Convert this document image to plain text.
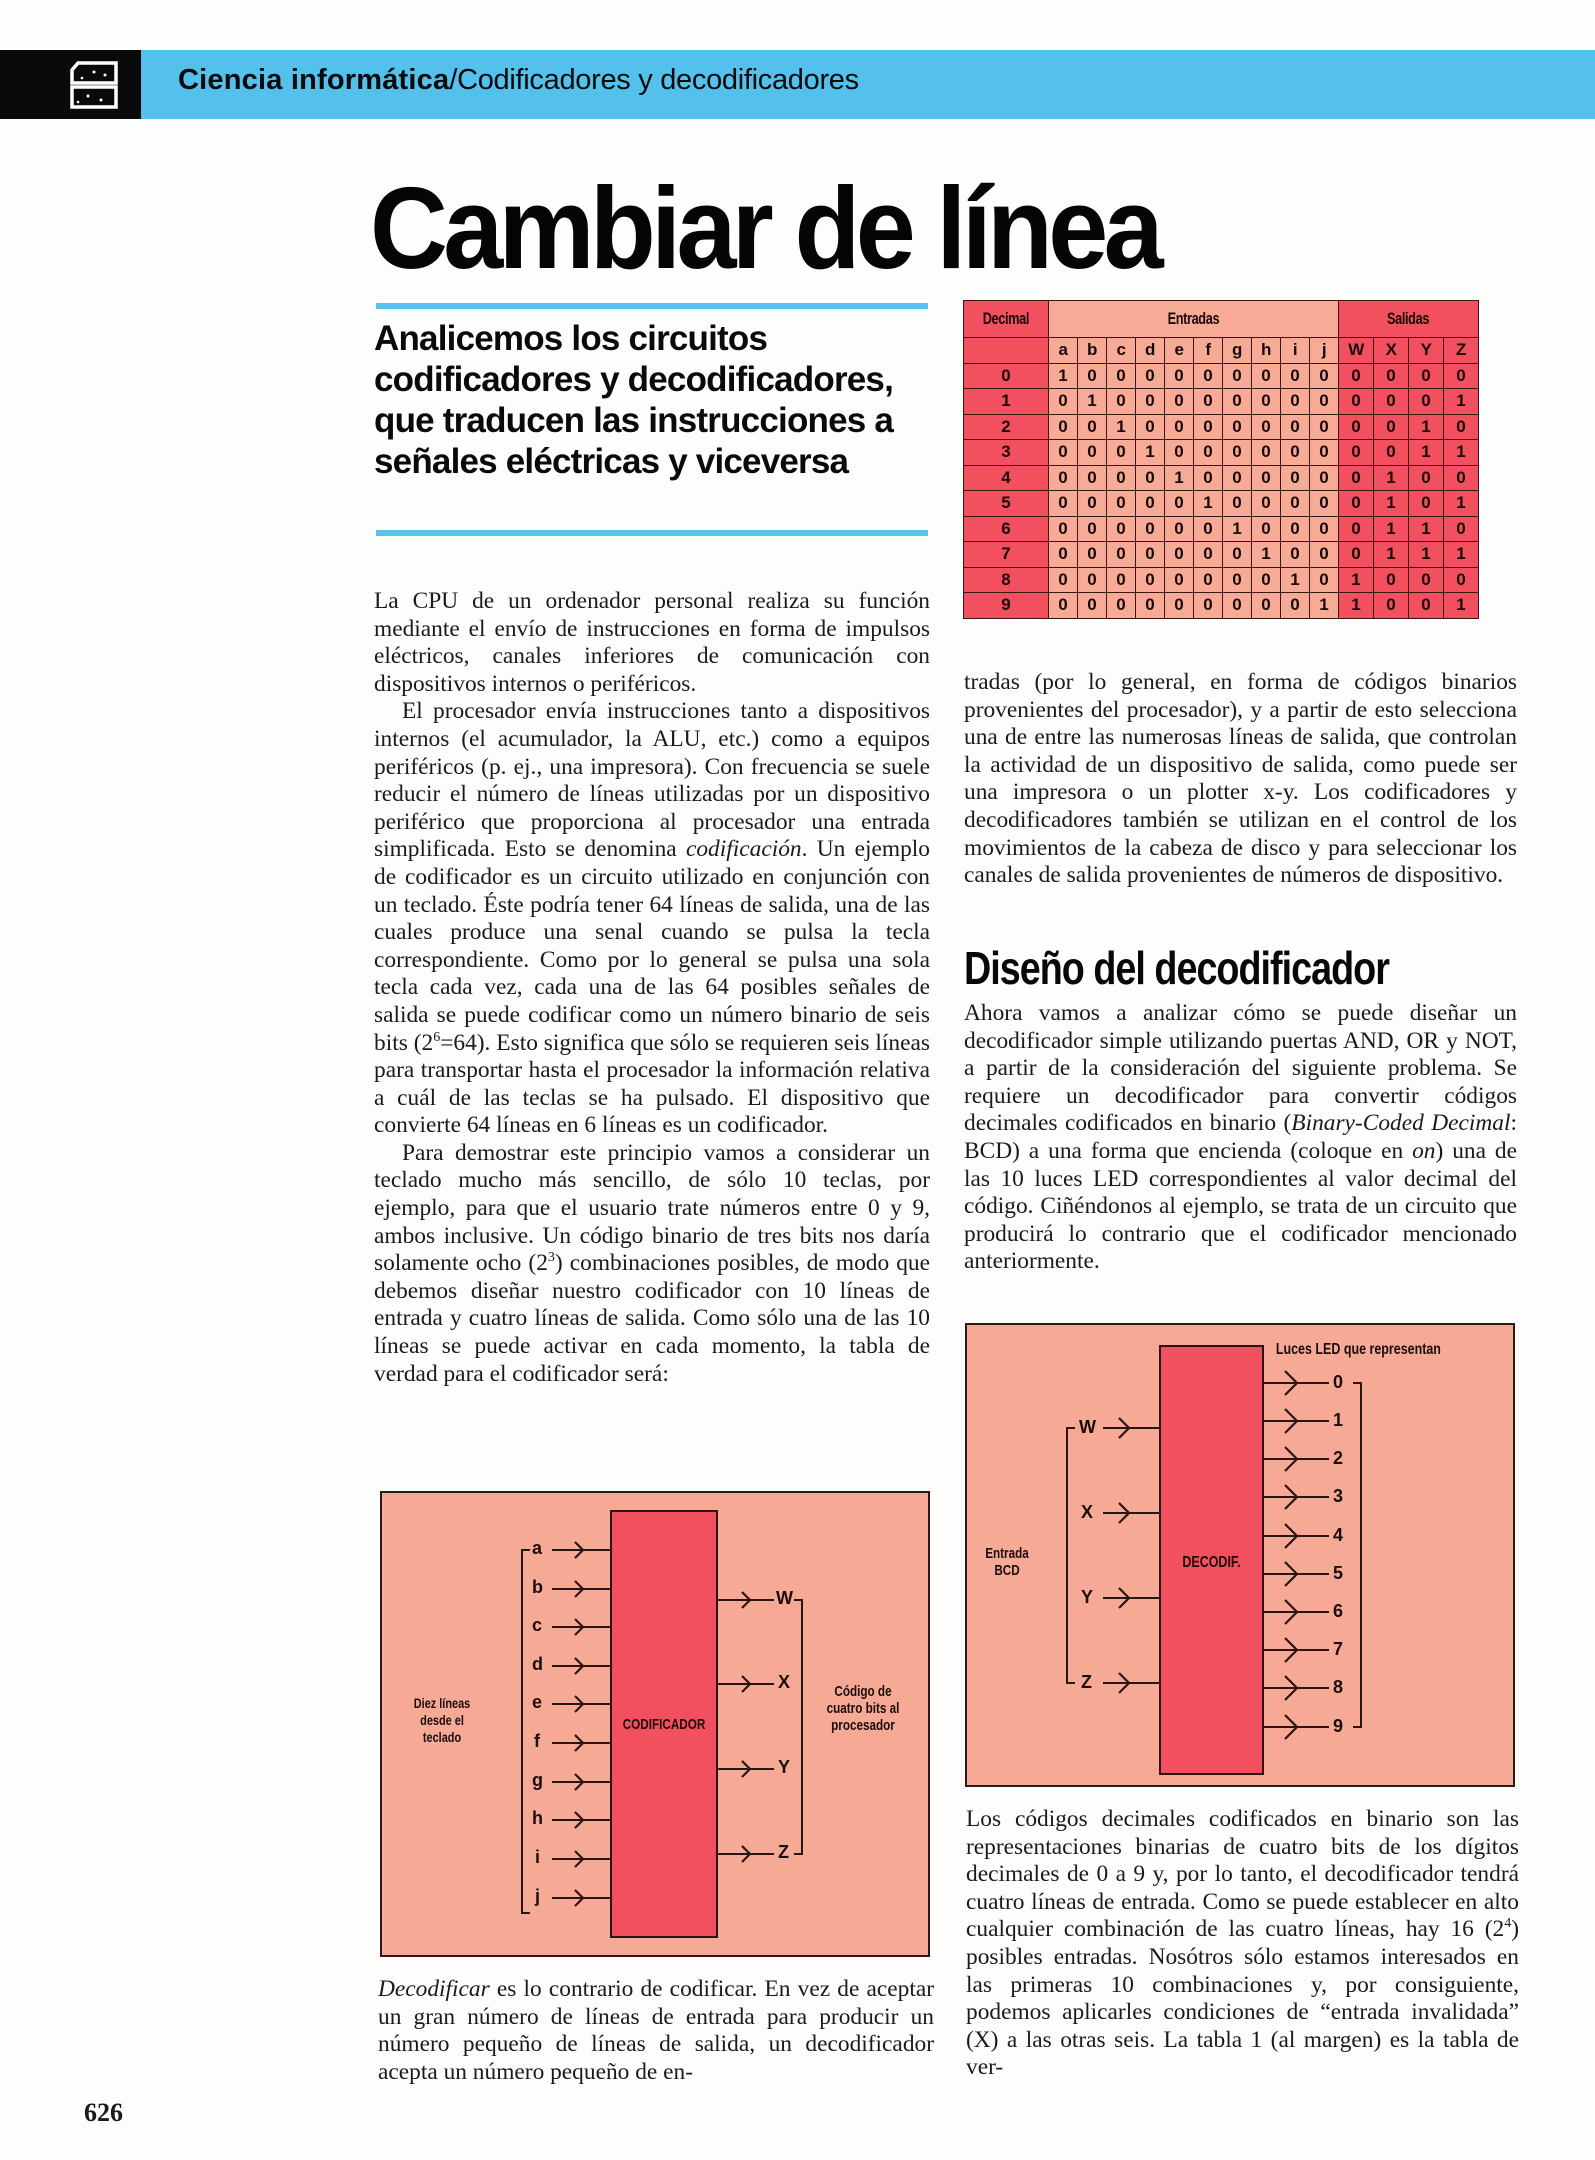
Ciencia informática/Codificadores y decodificadores
Cambiar de línea
Analicemos los circuitos codificadores y decodificadores, que traducen las instrucciones a señales eléctricas y viceversa

La CPU de un ordenador personal realiza su función mediante el envío de instrucciones en forma de impulsos eléctricos, canales inferiores de comunicación con dispositivos internos o periféricos.

El procesador envía instrucciones tanto a dispositivos internos (el acumulador, la ALU, etc.) como a equipos periféricos (p. ej., una impresora). Con frecuencia se suele reducir el número de líneas utilizadas por un dispositivo periférico que proporciona al procesador una entrada simplificada. Esto se denomina codificación. Un ejemplo de codificador es un circuito utilizado en conjunción con un teclado. Éste podría tener 64 líneas de salida, una de las cuales produce una senal cuando se pulsa la tecla correspondiente. Como por lo general se pulsa una sola tecla cada vez, cada una de las 64 posibles señales de salida se puede codificar como un número binario de seis bits $(2^6=64)$. Esto significa que sólo se requieren seis líneas para transportar hasta el procesador la información relativa a cuál de las teclas se ha pulsado. El dispositivo que convierte 64 líneas en 6 líneas es un codificador.

Para demostrar este principio vamos a considerar un teclado mucho más sencillo, de sólo 10 teclas, por ejemplo, para que el usuario trate números entre 0 y 9, ambos inclusive. Un código binario de tres bits nos daría solamente ocho $(2^3)$ combinaciones posibles, de modo que debemos diseñar nuestro codificador con 10 líneas de entrada y cuatro líneas de salida. Como sólo una de las 10 líneas se puede activar en cada momento, la tabla de verdad para el codificador será:

CODIFICADOR
Diez líneas desde el teclado
Código de cuatro bits al procesador
a
b
c
d
e
f
g
h
i
j
W
X
Y
Z

Decodificar es lo contrario de codificar. En vez de aceptar un gran número de líneas de entrada para producir un número pequeño de líneas de salida, un decodificador acepta un número pequeño de en-

Decimal	Entradas										Salidas			
	a	b	c	d	e	f	g	h	i	j	W	X	Y	Z
0	1	0	0	0	0	0	0	0	0	0	0	0	0	0
1	0	1	0	0	0	0	0	0	0	0	0	0	0	1
2	0	0	1	0	0	0	0	0	0	0	0	0	1	0
3	0	0	0	1	0	0	0	0	0	0	0	0	1	1
4	0	0	0	0	1	0	0	0	0	0	0	1	0	0
5	0	0	0	0	0	1	0	0	0	0	0	1	0	1
6	0	0	0	0	0	0	1	0	0	0	0	1	1	0
7	0	0	0	0	0	0	0	1	0	0	0	1	1	1
8	0	0	0	0	0	0	0	0	1	0	1	0	0	0
9	0	0	0	0	0	0	0	0	0	1	1	0	0	1

tradas (por lo general, en forma de códigos binarios provenientes del procesador), y a partir de esto selecciona una de entre las numerosas líneas de salida, que controlan la actividad de un dispositivo de salida, como puede ser una impresora o un plotter x-y. Los codificadores y decodificadores también se utilizan en el control de los movimientos de la cabeza de disco y para seleccionar los canales de salida provenientes de números de dispositivo.

Diseño del decodificador

Ahora vamos a analizar cómo se puede diseñar un decodificador simple utilizando puertas AND, OR y NOT, a partir de la consideración del siguiente problema. Se requiere un decodificador para convertir códigos decimales codificados en binario (Binary-Coded Decimal: BCD) a una forma que encienda (coloque en on) una de las 10 luces LED correspondientes al valor decimal del código. Ciñéndonos al ejemplo, se trata de un circuito que producirá lo contrario que el codificador mencionado anteriormente.

DECODIF.
Entrada BCD
Luces LED que representan
W
X
Y
Z
0
1
2
3
4
5
6
7
8
9

Los códigos decimales codificados en binario son las representaciones binarias de cuatro bits de los dígitos decimales de 0 a 9 y, por lo tanto, el decodificador tendrá cuatro líneas de entrada. Como se puede establecer en alto cualquier combinación de las cuatro líneas, hay 16 $(2^4)$ posibles entradas. Nosótros sólo estamos interesados en las primeras 10 combinaciones y, por consiguiente, podemos aplicarles condiciones de “entrada invalidada” (X) a las otras seis. La tabla 1 (al margen) es la tabla de ver-

626
